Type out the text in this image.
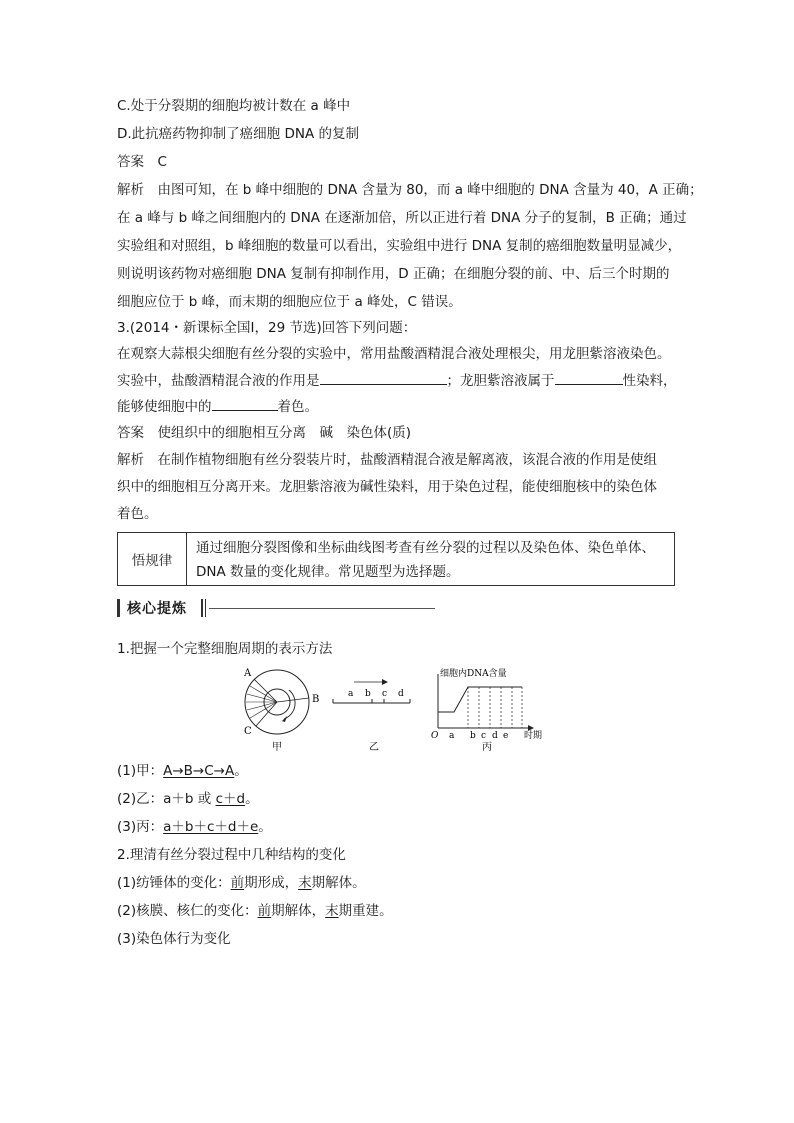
C.处于分裂期的细胞均被计数在 a 峰中
D.此抗癌药物抑制了癌细胞 DNA 的复制
答案　C
解析　由图可知，在 b 峰中细胞的 DNA 含量为 80，而 a 峰中细胞的 DNA 含量为 40，A 正确；
在 a 峰与 b 峰之间细胞内的 DNA 在逐渐加倍，所以正进行着 DNA 分子的复制，B 正确；通过
实验组和对照组，b 峰细胞的数量可以看出，实验组中进行 DNA 复制的癌细胞数量明显减少，
则说明该药物对癌细胞 DNA 复制有抑制作用，D 正确；在细胞分裂的前、中、后三个时期的
细胞应位于 b 峰，而末期的细胞应位于 a 峰处，C 错误。
3.(2014・新课标全国Ⅰ，29 节选)回答下列问题：
在观察大蒜根尖细胞有丝分裂的实验中，常用盐酸酒精混合液处理根尖，用龙胆紫溶液染色。
实验中，盐酸酒精混合液的作用是	；龙胆紫溶液属于	性染料，
能够使细胞中的	着色。
答案　使组织中的细胞相互分离　碱　染色体(质)
解析　在制作植物细胞有丝分裂装片时，盐酸酒精混合液是解离液，该混合液的作用是使组
织中的细胞相互分离开来。龙胆紫溶液为碱性染料，用于染色过程，能使细胞核中的染色体
着色。
悟规律
通过细胞分裂图像和坐标曲线图考查有丝分裂的过程以及染色体、染色单体、
DNA 数量的变化规律。常见题型为选择题。
核心提炼
1.把握一个完整细胞周期的表示方法
A
B
C
甲
a b c d
乙
细胞内DNA含量
O a b c d e 时期
丙
(1)甲：A→B→C→A。
(2)乙：a＋b 或 c＋d。
(3)丙：a＋b＋c＋d＋e。
2.理清有丝分裂过程中几种结构的变化
(1)纺锤体的变化：前期形成，末期解体。
(2)核膜、核仁的变化：前期解体，末期重建。
(3)染色体行为变化
